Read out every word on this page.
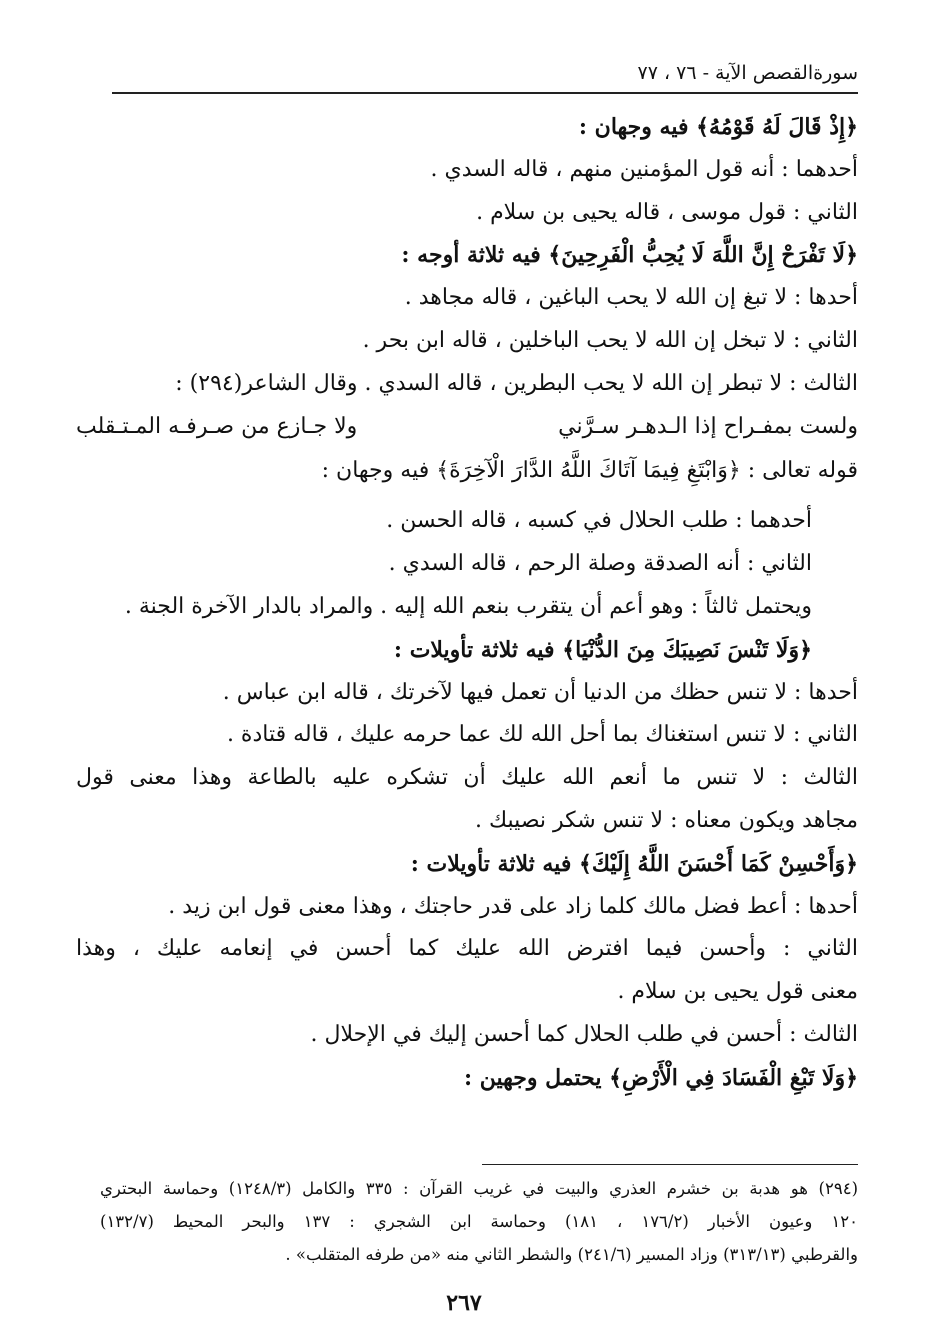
سورةالقصص الآية - ٧٦ ، ٧٧
﴿إِذْ قَالَ لَهُ قَوْمُهُ﴾ فيه وجهان :
أحدهما : أنه قول المؤمنين منهم ، قاله السدي .
الثاني : قول موسى ، قاله يحيى بن سلام .
﴿لَا تَفْرَحْ إِنَّ اللَّهَ لَا يُحِبُّ الْفَرِحِينَ﴾ فيه ثلاثة أوجه :
أحدها : لا تبغ إن الله لا يحب الباغين ، قاله مجاهد .
الثاني : لا تبخل إن الله لا يحب الباخلين ، قاله ابن بحر .
الثالث : لا تبطر إن الله لا يحب البطرين ، قاله السدي . وقال الشاعر(٢٩٤) :
ولست بمفـراح إذا الـدهـر سـرَّني
ولا جـازع من صـرفـه المـتـقلب
قوله تعالى : ﴿وَابْتَغِ فِيمَا آتَاكَ اللَّهُ الدَّارَ الْآخِرَةَ﴾ فيه وجهان :
أحدهما : طلب الحلال في كسبه ، قاله الحسن .
الثاني : أنه الصدقة وصلة الرحم ، قاله السدي .
ويحتمل ثالثاً : وهو أعم أن يتقرب بنعم الله إليه . والمراد بالدار الآخرة الجنة .
﴿وَلَا تَنْسَ نَصِيبَكَ مِنَ الدُّنْيَا﴾ فيه ثلاثة تأويلات :
أحدها : لا تنس حظك من الدنيا أن تعمل فيها لآخرتك ، قاله ابن عباس .
الثاني : لا تنس استغناك بما أحل الله لك عما حرمه عليك ، قاله قتادة .
الثالث : لا تنس ما أنعم الله عليك أن تشكره عليه بالطاعة وهذا معنى قول
مجاهد ويكون معناه : لا تنس شكر نصيبك .
﴿وَأَحْسِنْ كَمَا أَحْسَنَ اللَّهُ إِلَيْكَ﴾ فيه ثلاثة تأويلات :
أحدها : أعط فضل مالك كلما زاد على قدر حاجتك ، وهذا معنى قول ابن زيد .
الثاني : وأحسن فيما افترض الله عليك كما أحسن في إنعامه عليك ، وهذا
معنى قول يحيى بن سلام .
الثالث : أحسن في طلب الحلال كما أحسن إليك في الإحلال .
﴿وَلَا تَبْغِ الْفَسَادَ فِي الْأَرْضِ﴾ يحتمل وجهين :
(٢٩٤) هو هدبة بن خشرم العذري والبيت في غريب القرآن : ٣٣٥ والكامل (١٢٤٨/٣) وحماسة البحتري
١٢٠ وعيون الأخبار (١٧٦/٢ ، ١٨١) وحماسة ابن الشجري : ١٣٧ والبحر المحيط (١٣٢/٧)
والقرطبي (٣١٣/١٣) وزاد المسير (٢٤١/٦) والشطر الثاني منه «من طرفه المتقلب» .
٢٦٧
